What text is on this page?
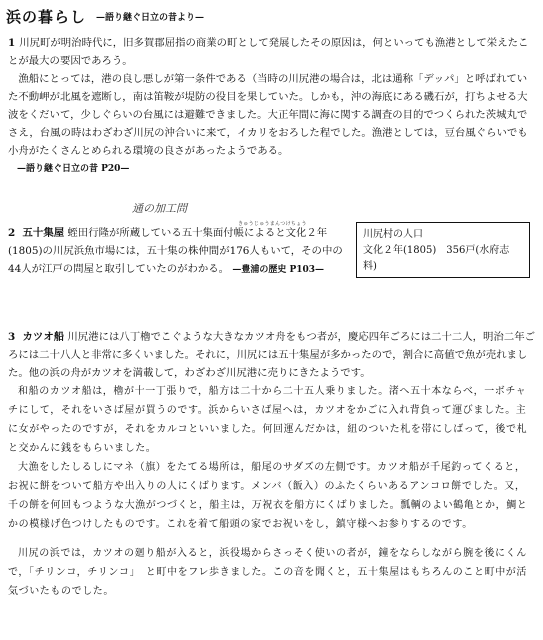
浜の暮らし —語り継ぐ日立の昔より—
1 川尻町が明治時代に，旧多賀郡屈指の商業の町として発展したその原因は，何といっても漁港として栄えたことが最大の要因であろう。
漁船にとっては，港の良し悪しが第一条件である（当時の川尻港の場合は，北は通称「デッパ」と呼ばれていた不動岬が北風を遮断し，南は笛鞍が堤防の役目を果していた。しかも，沖の海底にある磯石が，打ちよせる大波をくだいて，少しぐらいの台風には避難できました。大正年間に海に関する調査の目的でつくられた茨城丸でさえ，台風の時はわざわざ川尻の沖合いに来て，イカリをおろした程でした。漁港としては，豆台風ぐらいでも小舟がたくさんとめられる環境の良さがあったようである。
—語り継ぐ日立の昔 P20—
通の加工問
きゅうじゅうまんつけちょう
2 五十集屋 蛭田行隆が所蔵している五十集面付帳によると文化２年(1805)の川尻浜魚市場には，五十集の株仲間が176人もいて，その中の44人が江戸の問屋と取引していたのがわかる。 —豊浦の歴史 P103—
川尻村の人口
文化２年(1805)　356戸(水府志料)
3 カツオ船 川尻港には八丁櫓でこぐような大きなカツオ舟をもつ者が，慶応四年ごろには二十二人，明治二年ごろには二十八人と非常に多くいました。それに，川尻には五十集屋が多かったので，割合に高値で魚が売れました。他の浜の舟がカツオを満載して，わざわざ川尻港に売りにきたようです。
和船のカツオ船は，櫓が十一丁張りで，船方は二十から二十五人乗りました。渚へ五十本ならべ，一ボチャチにして，それをいさば屋が買うのです。浜からいさば屋へは，カツオをかごに入れ背負って運びました。主に女がやったのですが，それをカルコといいました。何回運んだかは，紐のついた札を帯にしばって，後で札と交かんに銭をもらいました。
大漁をしたしるしにマネ（旗）をたてる場所は，船尾のサダズの左側です。カツオ船が千尾釣ってくると，お祝に餅をついて船方や出入りの人にくばります。メンバ（飯入）のふたくらいあるアンコロ餅でした。又，千の餅を何回もつような大漁がつづくと，船主は，万祝衣を船方にくばりました。瓢輌のよい鶴亀とか，鯛とかの模様げ色つけしたものです。これを着て船頭の家でお祝いをし，鎮守様へお参りするのです。
川尻の浜では，カツオの廻り船が入ると，浜役場からさっそく使いの者が，鐘をならしながら腕を後にくんで，「チリンコ，チリンコ」　と町中をフレ歩きました。この音を聞くと，五十集屋はもちろんのこと町中が活気づいたものでした。
